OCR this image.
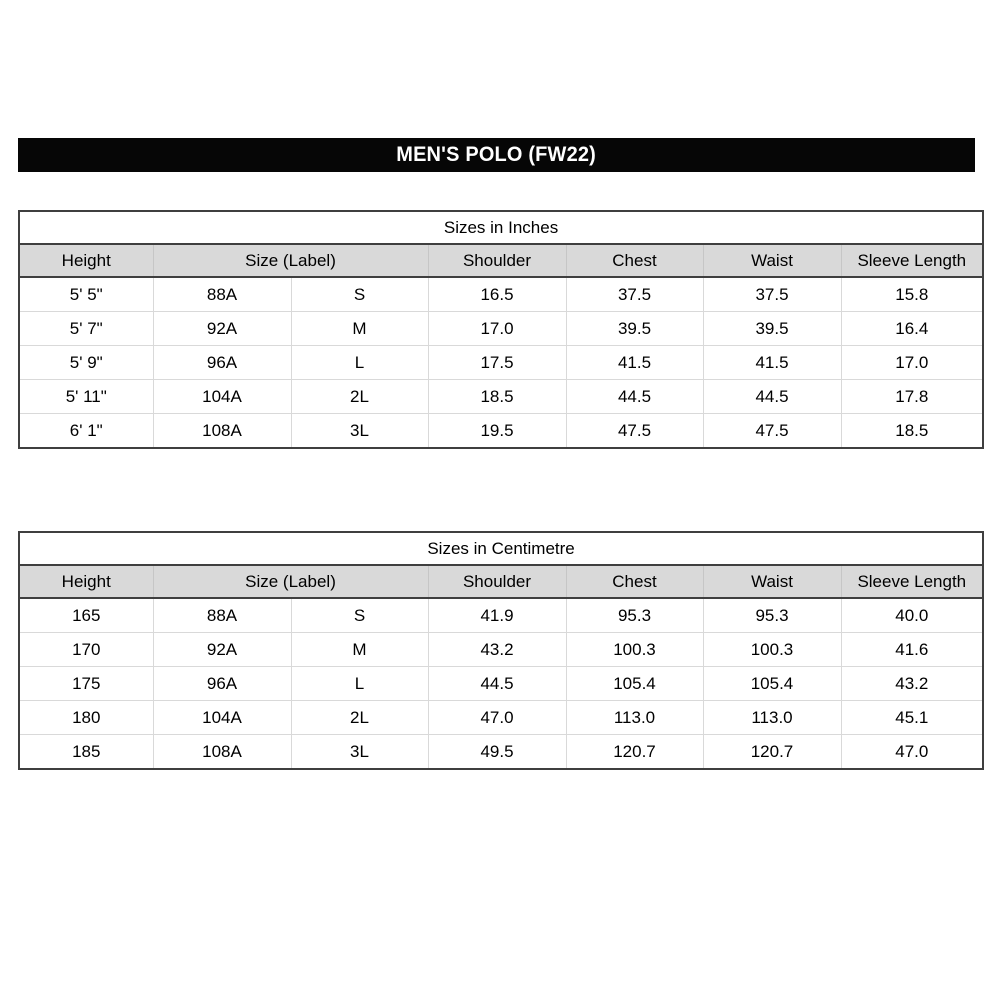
MEN'S POLO (FW22)
Sizes in Inches						
Height	Size (Label)		Shoulder	Chest	Waist	Sleeve Length
5' 5"	88A	S	16.5	37.5	37.5	15.8
5' 7"	92A	M	17.0	39.5	39.5	16.4
5' 9"	96A	L	17.5	41.5	41.5	17.0
5' 11"	104A	2L	18.5	44.5	44.5	17.8
6' 1"	108A	3L	19.5	47.5	47.5	18.5
Sizes in Centimetre						
Height	Size (Label)		Shoulder	Chest	Waist	Sleeve Length
165	88A	S	41.9	95.3	95.3	40.0
170	92A	M	43.2	100.3	100.3	41.6
175	96A	L	44.5	105.4	105.4	43.2
180	104A	2L	47.0	113.0	113.0	45.1
185	108A	3L	49.5	120.7	120.7	47.0
